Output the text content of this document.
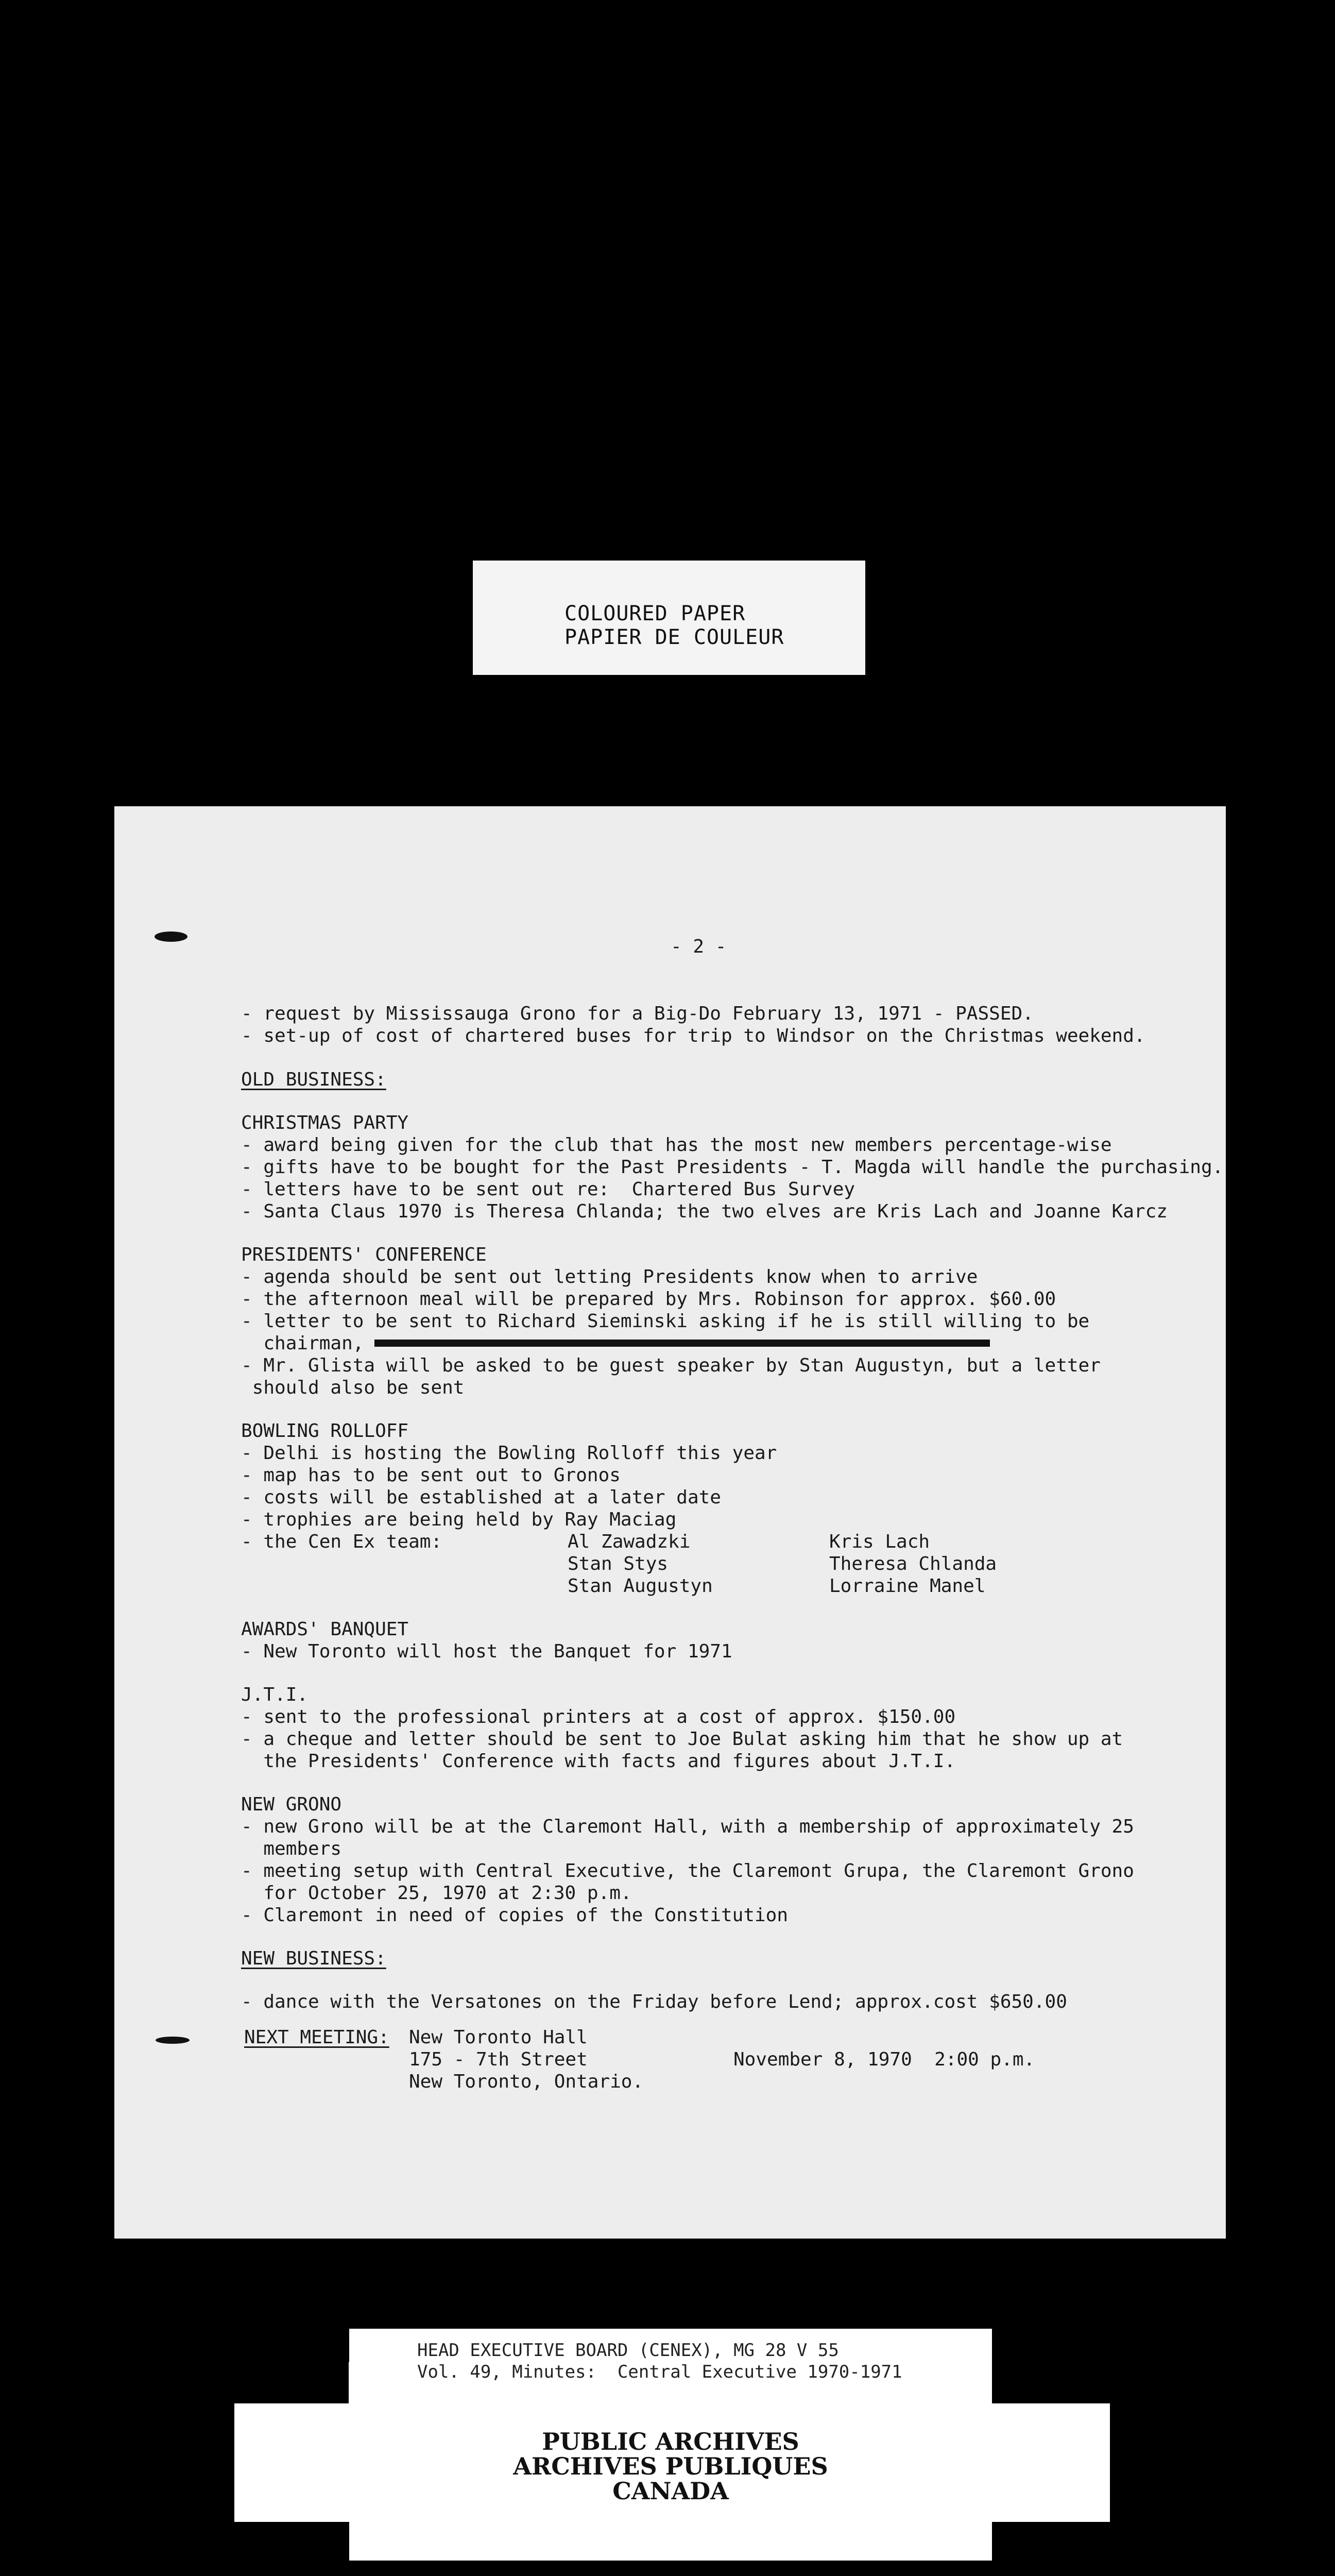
COLOURED PAPER
PAPIER DE COULEUR
- 2 -
- request by Mississauga Grono for a Big-Do February 13, 1971 - PASSED.
- set-up of cost of chartered buses for trip to Windsor on the Christmas weekend.
OLD BUSINESS:
CHRISTMAS PARTY
- award being given for the club that has the most new members percentage-wise
- gifts have to be bought for the Past Presidents - T. Magda will handle the purchasing.
- letters have to be sent out re:  Chartered Bus Survey
- Santa Claus 1970 is Theresa Chlanda; the two elves are Kris Lach and Joanne Karcz
PRESIDENTS' CONFERENCE
- agenda should be sent out letting Presidents know when to arrive
- the afternoon meal will be prepared by Mrs. Robinson for approx. $60.00
- letter to be sent to Richard Sieminski asking if he is still willing to be
chairman,
- Mr. Glista will be asked to be guest speaker by Stan Augustyn, but a letter
should also be sent
BOWLING ROLLOFF
- Delhi is hosting the Bowling Rolloff this year
- map has to be sent out to Gronos
- costs will be established at a later date
- trophies are being held by Ray Maciag
- the Cen Ex team:	Al Zawadzki
Stan Stys
Stan Augustyn
Kris Lach
Theresa Chlanda
Lorraine Manel
AWARDS' BANQUET
- New Toronto will host the Banquet for 1971
J.T.I.
- sent to the professional printers at a cost of approx. $150.00
- a cheque and letter should be sent to Joe Bulat asking him that he show up at
the Presidents' Conference with facts and figures about J.T.I.
NEW GRONO
- new Grono will be at the Claremont Hall, with a membership of approximately 25
members
- meeting setup with Central Executive, the Claremont Grupa, the Claremont Grono
for October 25, 1970 at 2:30 p.m.
- Claremont in need of copies of the Constitution
NEW BUSINESS:
- dance with the Versatones on the Friday before Lend; approx.cost $650.00
NEXT MEETING: New Toronto Hall
175 - 7th Street
New Toronto, Ontario.
November 8, 1970  2:00 p.m.
HEAD EXECUTIVE BOARD (CENEX), MG 28 V 55
Vol. 49, Minutes:  Central Executive 1970-1971
PUBLIC ARCHIVES
ARCHIVES PUBLIQUES
CANADA
